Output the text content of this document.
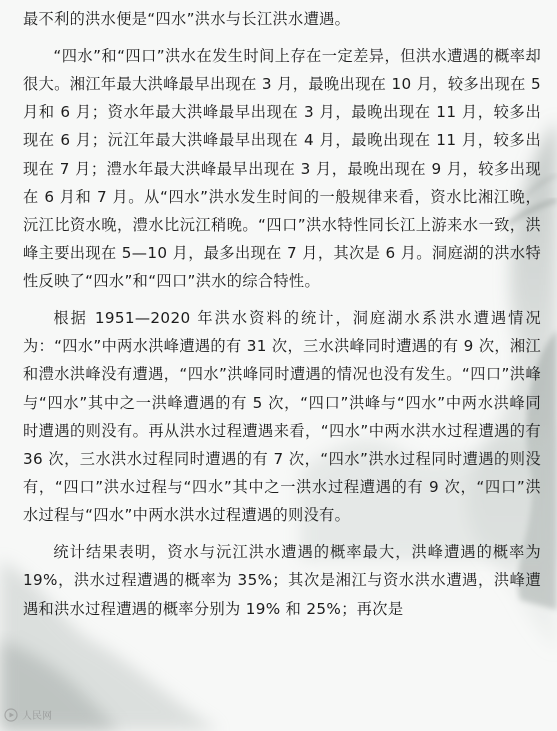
最不利的洪水便是“四水”洪水与长江洪水遭遇。

“四水”和“四口”洪水在发生时间上存在一定差异，但洪水遭遇的概率却很大。湘江年最大洪峰最早出现在 3 月，最晚出现在 10 月，较多出现在 5 月和 6 月；资水年最大洪峰最早出现在 3 月，最晚出现在 11 月，较多出现在 6 月；沅江年最大洪峰最早出现在 4 月，最晚出现在 11 月，较多出现在 7 月；澧水年最大洪峰最早出现在 3 月，最晚出现在 9 月，较多出现在 6 月和 7 月。从“四水”洪水发生时间的一般规律来看，资水比湘江晚，沅江比资水晚，澧水比沅江稍晚。“四口”洪水特性同长江上游来水一致，洪峰主要出现在 5—10 月，最多出现在 7 月，其次是 6 月。洞庭湖的洪水特性反映了“四水”和“四口”洪水的综合特性。

根据 1951—2020 年洪水资料的统计，洞庭湖水系洪水遭遇情况为：“四水”中两水洪峰遭遇的有 31 次，三水洪峰同时遭遇的有 9 次，湘江和澧水洪峰没有遭遇，“四水”洪峰同时遭遇的情况也没有发生。“四口”洪峰与“四水”其中之一洪峰遭遇的有 5 次，“四口”洪峰与“四水”中两水洪峰同时遭遇的则没有。再从洪水过程遭遇来看，“四水”中两水洪水过程遭遇的有 36 次，三水洪水过程同时遭遇的有 7 次，“四水”洪水过程同时遭遇的则没有，“四口”洪水过程与“四水”其中之一洪水过程遭遇的有 9 次，“四口”洪水过程与“四水”中两水洪水过程遭遇的则没有。

统计结果表明，资水与沅江洪水遭遇的概率最大，洪峰遭遇的概率为 19%，洪水过程遭遇的概率为 35%；其次是湘江与资水洪水遭遇，洪峰遭遇和洪水过程遭遇的概率分别为 19% 和 25%；再次是

人民网
